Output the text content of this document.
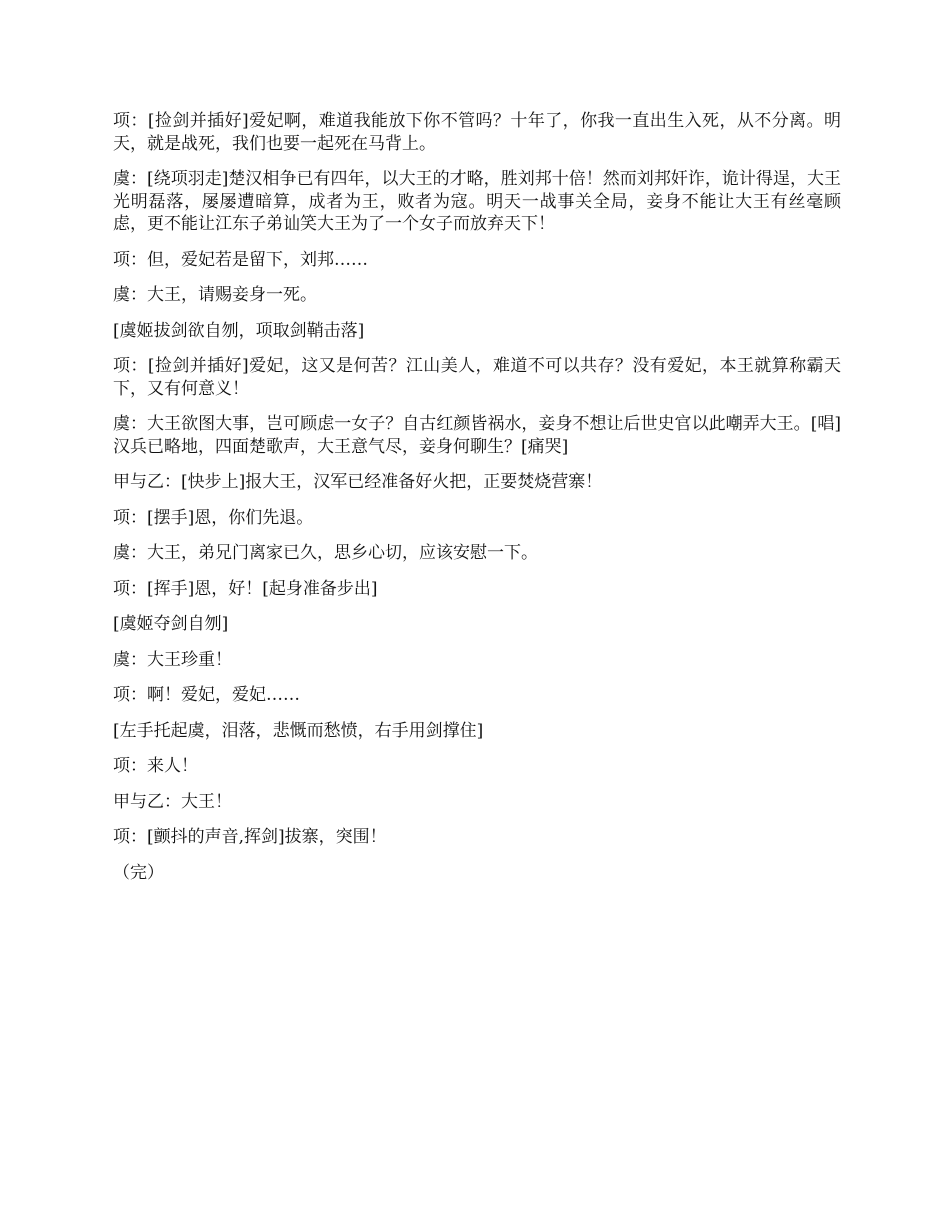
项：[捡剑并插好]爱妃啊，难道我能放下你不管吗？十年了，你我一直出生入死，从不分离。明天，就是战死，我们也要一起死在马背上。

虞：[绕项羽走]楚汉相争已有四年，以大王的才略，胜刘邦十倍！然而刘邦奸诈，诡计得逞，大王光明磊落，屡屡遭暗算，成者为王，败者为寇。明天一战事关全局，妾身不能让大王有丝毫顾虑，更不能让江东子弟讪笑大王为了一个女子而放弃天下！

项：但，爱妃若是留下，刘邦……

虞：大王，请赐妾身一死。

[虞姬拔剑欲自刎，项取剑鞘击落]

项：[捡剑并插好]爱妃，这又是何苦？江山美人，难道不可以共存？没有爱妃，本王就算称霸天下，又有何意义！

虞：大王欲图大事，岂可顾虑一女子？自古红颜皆祸水，妾身不想让后世史官以此嘲弄大王。[唱]汉兵已略地，四面楚歌声，大王意气尽，妾身何聊生？[痛哭]

甲与乙：[快步上]报大王，汉军已经准备好火把，正要焚烧营寨！

项：[摆手]恩，你们先退。

虞：大王，弟兄门离家已久，思乡心切，应该安慰一下。

项：[挥手]恩，好！[起身准备步出]

[虞姬夺剑自刎]

虞：大王珍重！

项：啊！爱妃，爱妃……

[左手托起虞，泪落，悲慨而愁愤，右手用剑撑住]

项：来人！

甲与乙：大王！

项：[颤抖的声音,挥剑]拔寨，突围！

（完）
